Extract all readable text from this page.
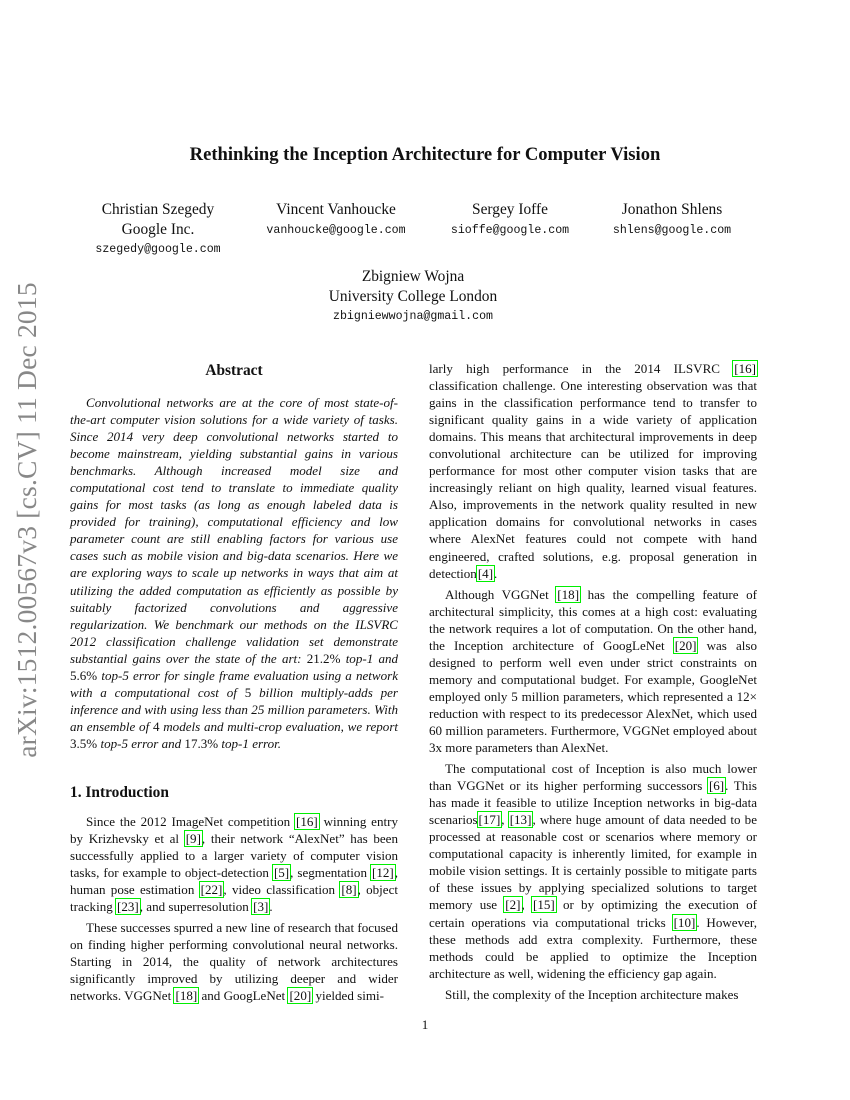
arXiv:1512.00567v3 [cs.CV] 11 Dec 2015
Rethinking the Inception Architecture for Computer Vision
Christian Szegedy
Google Inc.
szegedy@google.com
Vincent Vanhoucke
vanhoucke@google.com
Sergey Ioffe
sioffe@google.com
Jonathon Shlens
shlens@google.com
Zbigniew Wojna
University College London
zbigniewwojna@gmail.com
Abstract

Convolutional networks are at the core of most state-of-the-art computer vision solutions for a wide variety of tasks. Since 2014 very deep convolutional networks started to become mainstream, yielding substantial gains in various benchmarks. Although increased model size and computational cost tend to translate to immediate quality gains for most tasks (as long as enough labeled data is provided for training), computational efficiency and low parameter count are still enabling factors for various use cases such as mobile vision and big-data scenarios. Here we are exploring ways to scale up networks in ways that aim at utilizing the added computation as efficiently as possible by suitably factorized convolutions and aggressive regularization. We benchmark our methods on the ILSVRC 2012 classification challenge validation set demonstrate substantial gains over the state of the art: 21.2% top-1 and 5.6% top-5 error for single frame evaluation using a network with a computational cost of 5 billion multiply-adds per inference and with using less than 25 million parameters. With an ensemble of 4 models and multi-crop evaluation, we report 3.5% top-5 error and 17.3% top-1 error.

1. Introduction

Since the 2012 ImageNet competition [16] winning entry by Krizhevsky et al [9], their network “AlexNet” has been successfully applied to a larger variety of computer vision tasks, for example to object-detection [5], segmentation [12], human pose estimation [22], video classification [8], object tracking [23], and superresolution [3].

These successes spurred a new line of research that focused on finding higher performing convolutional neural networks. Starting in 2014, the quality of network architectures significantly improved by utilizing deeper and wider networks. VGGNet [18] and GoogLeNet [20] yielded simi-

larly high performance in the 2014 ILSVRC [16] classification challenge. One interesting observation was that gains in the classification performance tend to transfer to significant quality gains in a wide variety of application domains. This means that architectural improvements in deep convolutional architecture can be utilized for improving performance for most other computer vision tasks that are increasingly reliant on high quality, learned visual features. Also, improvements in the network quality resulted in new application domains for convolutional networks in cases where AlexNet features could not compete with hand engineered, crafted solutions, e.g. proposal generation in detection[4].

Although VGGNet [18] has the compelling feature of architectural simplicity, this comes at a high cost: evaluating the network requires a lot of computation. On the other hand, the Inception architecture of GoogLeNet [20] was also designed to perform well even under strict constraints on memory and computational budget. For example, GoogleNet employed only 5 million parameters, which represented a 12× reduction with respect to its predecessor AlexNet, which used 60 million parameters. Furthermore, VGGNet employed about 3x more parameters than AlexNet.

The computational cost of Inception is also much lower than VGGNet or its higher performing successors [6]. This has made it feasible to utilize Inception networks in big-data scenarios[17], [13], where huge amount of data needed to be processed at reasonable cost or scenarios where memory or computational capacity is inherently limited, for example in mobile vision settings. It is certainly possible to mitigate parts of these issues by applying specialized solutions to target memory use [2], [15] or by optimizing the execution of certain operations via computational tricks [10]. However, these methods add extra complexity. Furthermore, these methods could be applied to optimize the Inception architecture as well, widening the efficiency gap again.

Still, the complexity of the Inception architecture makes

1
